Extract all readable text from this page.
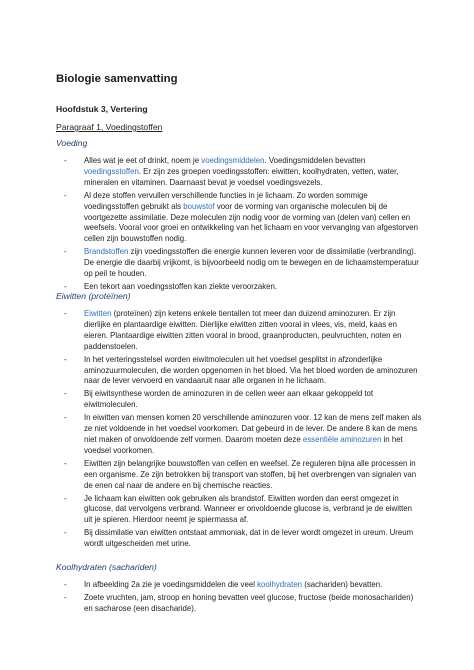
Biologie samenvatting
Hoofdstuk 3, Vertering
Paragraaf 1, Voedingstoffen
Voeding
- Alles wat je eet of drinkt, noem je voedingsmiddelen. Voedingsmiddelen bevatten voedingsstoffen. Er zijn zes groepen voedingsstoffen: eiwitten, koolhydraten, vetten, water, mineralen en vitaminen. Daarnaast bevat je voedsel voedingsvezels.
- Al deze stoffen vervullen verschillende functies in je lichaam. Zo worden sommige voedingsstoffen gebruikt als bouwstof voor de vorming van organische moleculen bij de voortgezette assimilatie. Deze moleculen zijn nodig voor de vorming van (delen van) cellen en weefsels. Vooral voor groei en ontwikkeling van het lichaam en voor vervanging van afgestorven cellen zijn bouwstoffen nodig.
- Brandstoffen zijn voedingsstoffen die energie kunnen leveren voor de dissimilatie (verbranding). De energie die daarbij vrijkomt, is bijvoorbeeld nodig om te bewegen en de lichaamstemperatuur op peil te houden.
- Een tekort aan voedingsstoffen kan ziekte veroorzaken.
Eiwitten (proteïnen)
- Eiwitten (proteïnen) zijn ketens enkele tientallen tot meer dan duizend aminozuren. Er zijn dierlijke en plantaardige eiwitten. Dierlijke eiwitten zitten vooral in vlees, vis, meld, kaas en eieren. Plantaardige eiwitten zitten vooral in brood, graanproducten, peulvruchten, noten en paddenstoelen.
- In het verteringsstelsel worden eiwitmoleculen uit het voedsel gesplitst in afzonderlijke aminozuurmoleculen, die worden opgenomen in het bloed. Via het bloed worden de aminozuren naar de lever vervoerd en vandaaruit naar alle organen in he lichaam.
- Bij eiwitsynthese worden de aminozuren in de cellen weer aan elkaar gekoppeld tot eiwitmoleculen.
- In eiwitten van mensen komen 20 verschillende aminozuren voor. 12 kan de mens zelf maken als ze niet voldoende in het voedsel voorkomen. Dat gebeurd in de lever. De andere 8 kan de mens niet maken of onvoldoende zelf vormen. Daarom moeten deze essentiële aminozuren in het voedsel voorkomen.
- Eiwitten zijn belangrijke bouwstoffen van cellen en weefsel. Ze reguleren bijna alle processen in een organisme. Ze zijn betrokken bij transport van stoffen, bij het overbrengen van signalen van de enen cal naar de andere en bij chemische reacties.
- Je lichaam kan eiwitten ook gebruiken als brandstof. Eiwitten worden dan eerst omgezet in glucose, dat vervolgens verbrand. Wanneer er onvoldoende glucose is, verbrand je de eiwitten uit je spieren. Hierdoor neemt je spiermassa af.
- Bij dissimilatie van eiwitten ontstaat ammoniak, dat in de lever wordt omgezet in ureum. Ureum wordt uitgescheiden met urine.
Koolhydraten (sachariden)
- In afbeelding 2a zie je voedingsmiddelen die veel koolhydraten (sachariden) bevatten.
- Zoete vruchten, jam, stroop en honing bevatten veel glucose, fructose (beide monosachariden) en sacharose (een disacharide).
